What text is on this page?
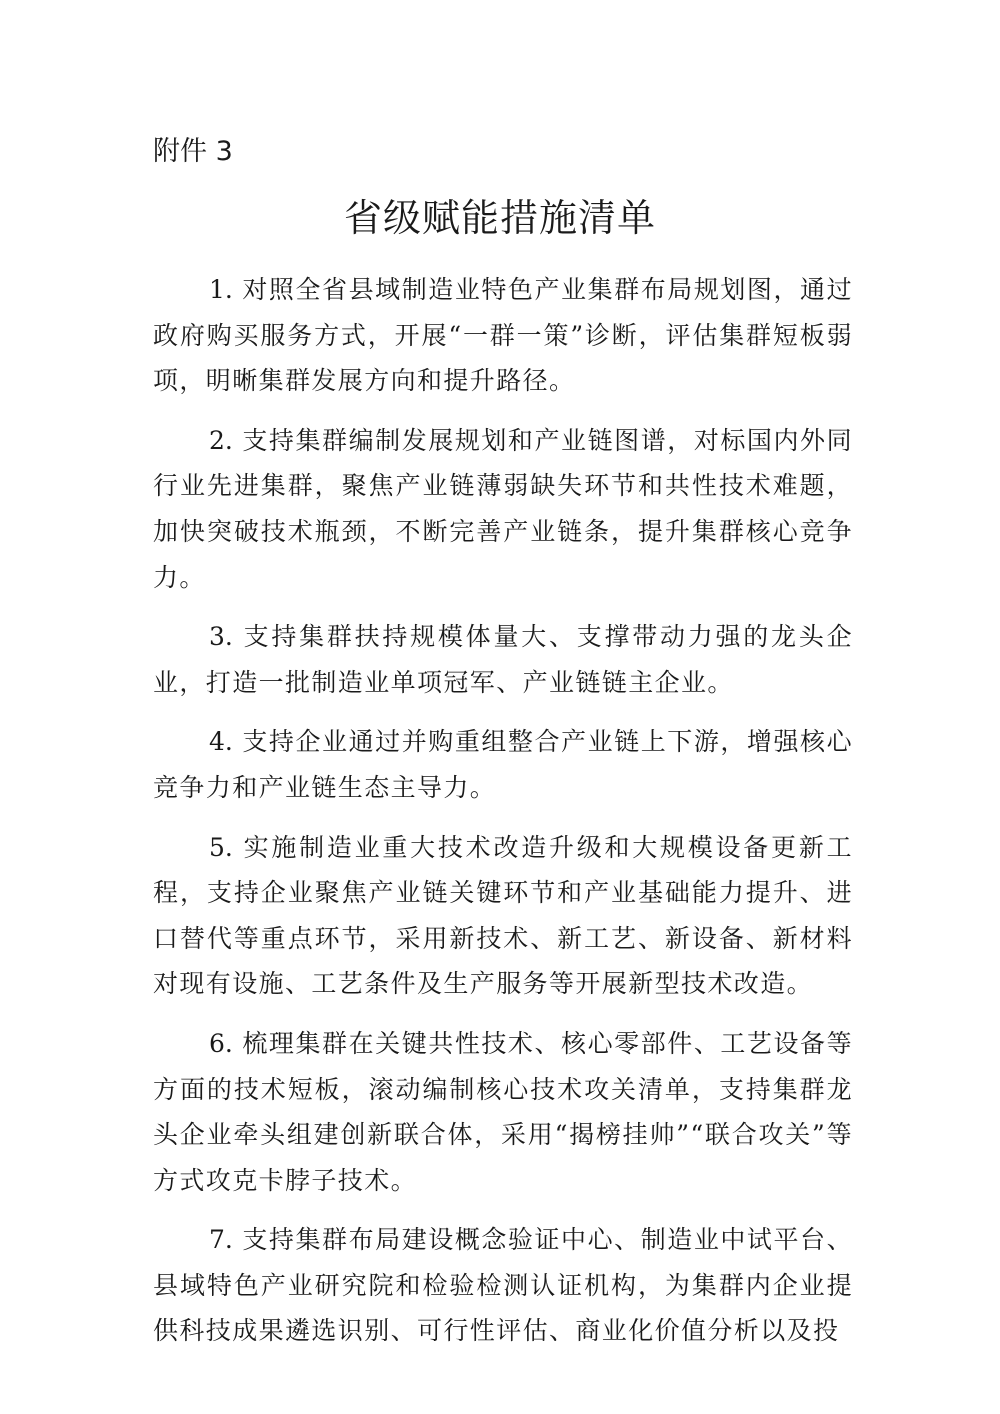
附件 3
省级赋能措施清单

1. 对照全省县域制造业特色产业集群布局规划图，通过政府购买服务方式，开展“一群一策”诊断，评估集群短板弱项，明晰集群发展方向和提升路径。

2. 支持集群编制发展规划和产业链图谱，对标国内外同行业先进集群，聚焦产业链薄弱缺失环节和共性技术难题，加快突破技术瓶颈，不断完善产业链条，提升集群核心竞争力。

3. 支持集群扶持规模体量大、支撑带动力强的龙头企业，打造一批制造业单项冠军、产业链链主企业。

4. 支持企业通过并购重组整合产业链上下游，增强核心竞争力和产业链生态主导力。

5. 实施制造业重大技术改造升级和大规模设备更新工程，支持企业聚焦产业链关键环节和产业基础能力提升、进口替代等重点环节，采用新技术、新工艺、新设备、新材料对现有设施、工艺条件及生产服务等开展新型技术改造。

6. 梳理集群在关键共性技术、核心零部件、工艺设备等方面的技术短板，滚动编制核心技术攻关清单，支持集群龙头企业牵头组建创新联合体，采用“揭榜挂帅”“联合攻关”等方式攻克卡脖子技术。

7. 支持集群布局建设概念验证中心、制造业中试平台、县域特色产业研究院和检验检测认证机构，为集群内企业提供科技成果遴选识别、可行性评估、商业化价值分析以及投
